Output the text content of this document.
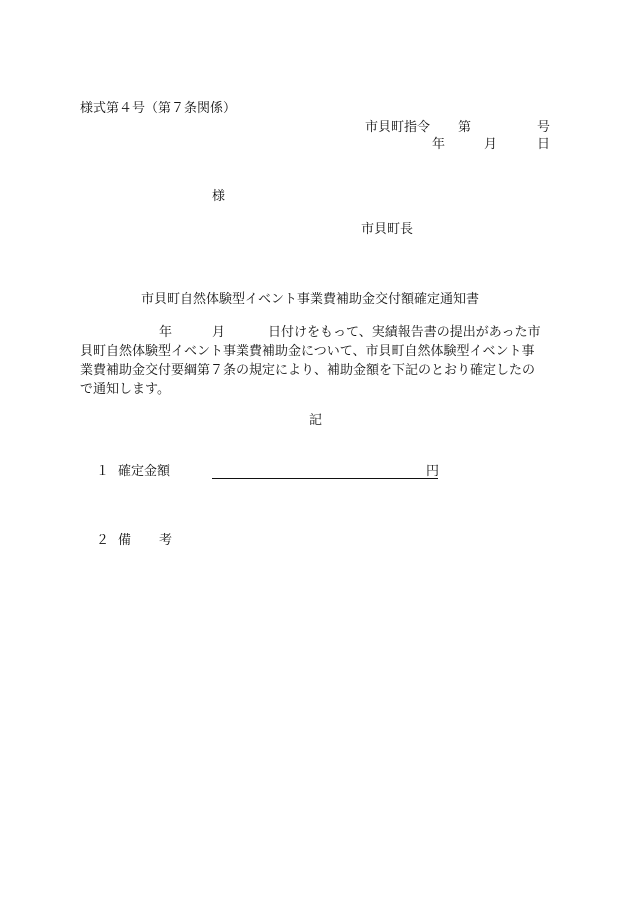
様式第４号（第７条関係）
市貝町指令 第	号
年	月	日
様
市貝町長
市貝町自然体験型イベント事業費補助金交付額確定通知書
年	月	日付けをもって、実績報告書の提出があった市
貝町自然体験型イベント事業費補助金について、市貝町自然体験型イベント事
業費補助金交付要綱第７条の規定により、補助金額を下記のとおり確定したの
で通知します。
記
１ 確定金額	円
２ 備 考
